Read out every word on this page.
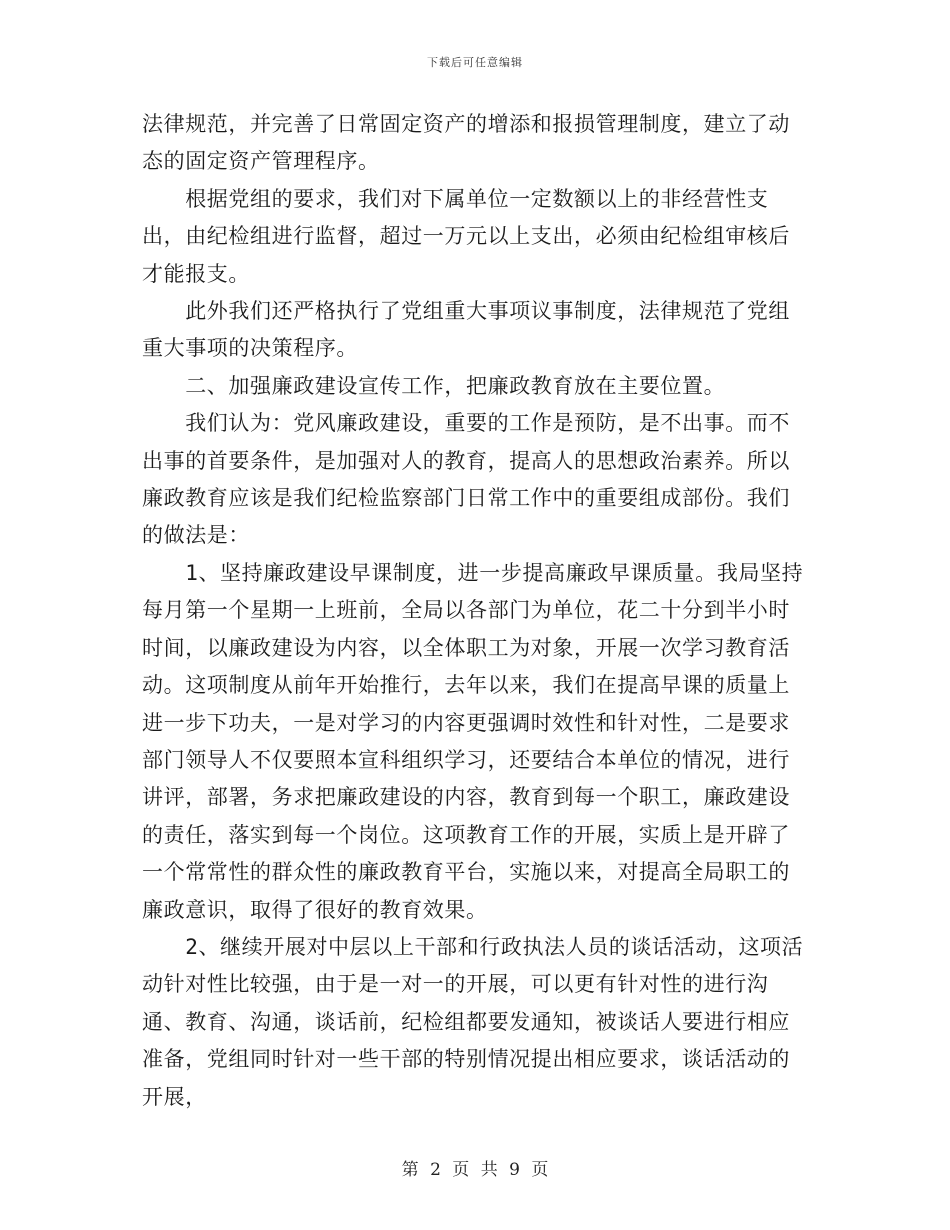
下载后可任意编辑

法律规范，并完善了日常固定资产的增添和报损管理制度，建立了动态的固定资产管理程序。

　　根据党组的要求，我们对下属单位一定数额以上的非经营性支出，由纪检组进行监督，超过一万元以上支出，必须由纪检组审核后才能报支。

　　此外我们还严格执行了党组重大事项议事制度，法律规范了党组重大事项的决策程序。

　　二、加强廉政建设宣传工作，把廉政教育放在主要位置。

　　我们认为：党风廉政建设，重要的工作是预防，是不出事。而不出事的首要条件，是加强对人的教育，提高人的思想政治素养。所以廉政教育应该是我们纪检监察部门日常工作中的重要组成部份。我们的做法是：

　　1、坚持廉政建设早课制度，进一步提高廉政早课质量。我局坚持每月第一个星期一上班前，全局以各部门为单位，花二十分到半小时时间，以廉政建设为内容，以全体职工为对象，开展一次学习教育活动。这项制度从前年开始推行，去年以来，我们在提高早课的质量上进一步下功夫，一是对学习的内容更强调时效性和针对性，二是要求部门领导人不仅要照本宣科组织学习，还要结合本单位的情况，进行讲评，部署，务求把廉政建设的内容，教育到每一个职工，廉政建设的责任，落实到每一个岗位。这项教育工作的开展，实质上是开辟了一个常常性的群众性的廉政教育平台，实施以来，对提高全局职工的廉政意识，取得了很好的教育效果。

　　2、继续开展对中层以上干部和行政执法人员的谈话活动，这项活动针对性比较强，由于是一对一的开展，可以更有针对性的进行沟通、教育、沟通，谈话前，纪检组都要发通知，被谈话人要进行相应准备，党组同时针对一些干部的特别情况提出相应要求，谈话活动的开展，

第 2 页 共 9 页
